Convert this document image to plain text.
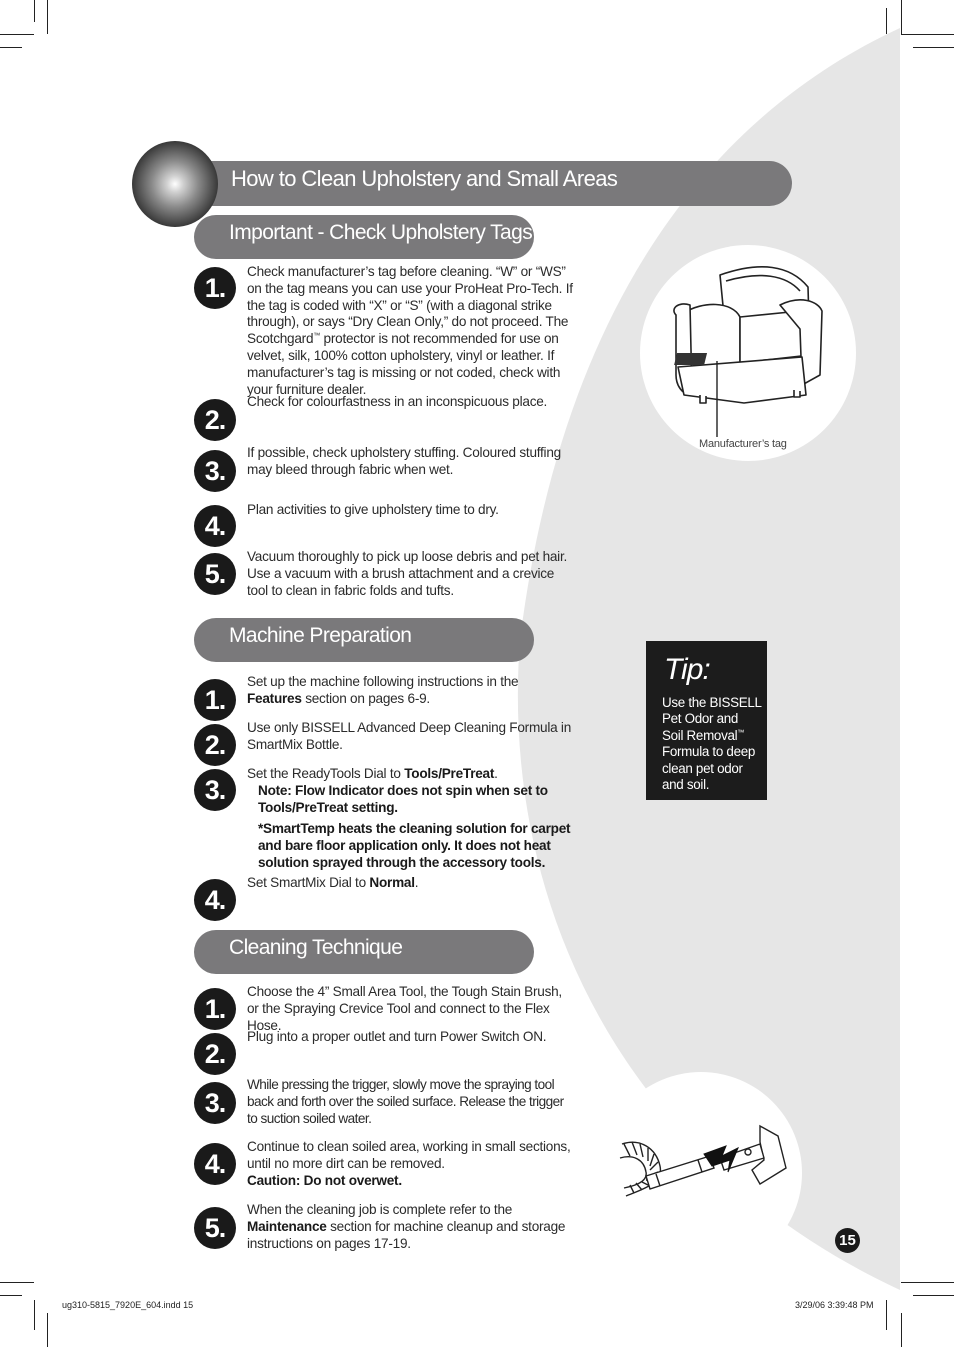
How to Clean Upholstery and Small Areas
Important - Check Upholstery Tags:
1.
Check manufacturer’s tag before cleaning. “W” or “WS” on the tag means you can use your ProHeat Pro-Tech. If the tag is coded with “X” or “S” (with a diagonal strike through), or says “Dry Clean Only,” do not proceed. The Scotchgard™ protector is not recommended for use on velvet, silk, 100% cotton upholstery, vinyl or leather. If manufacturer’s tag is missing or not coded, check with your furniture dealer.
2.
Check for colourfastness in an inconspicuous place.
3.
If possible, check upholstery stuffing. Coloured stuffing may bleed through fabric when wet.
4.
Plan activities to give upholstery time to dry.
5.
Vacuum thoroughly to pick up loose debris and pet hair. Use a vacuum with a brush attachment and a crevice tool to clean in fabric folds and tufts.
Manufacturer’s tag
Machine Preparation
1.
Set up the machine following instructions in the Features section on pages 6-9.
2.
Use only BISSELL Advanced Deep Cleaning Formula in SmartMix Bottle.
3.
Set the ReadyTools Dial to Tools/PreTreat.
Note: Flow Indicator does not spin when set to Tools/PreTreat setting.
*SmartTemp heats the cleaning solution for carpet and bare floor application only. It does not heat solution sprayed through the accessory tools.
4.
Set SmartMix Dial to Normal.
Tip:
Use the BISSELL Pet Odor and Soil Removal™ Formula to deep clean pet odor and soil.
Cleaning Technique
1.
Choose the 4” Small Area Tool, the Tough Stain Brush, or the Spraying Crevice Tool and connect to the Flex Hose.
2.
Plug into a proper outlet and turn Power Switch ON.
3.
While pressing the trigger, slowly move the spraying tool back and forth over the soiled surface. Release the trigger to suction soiled water.
4.
Continue to clean soiled area, working in small sections, until no more dirt can be removed.
Caution: Do not overwet.
5.
When the cleaning job is complete refer to the Maintenance section for machine cleanup and storage instructions on pages 17-19.	15
ug310-5815_7920E_604.indd 15	3/29/06 3:39:48 PM
